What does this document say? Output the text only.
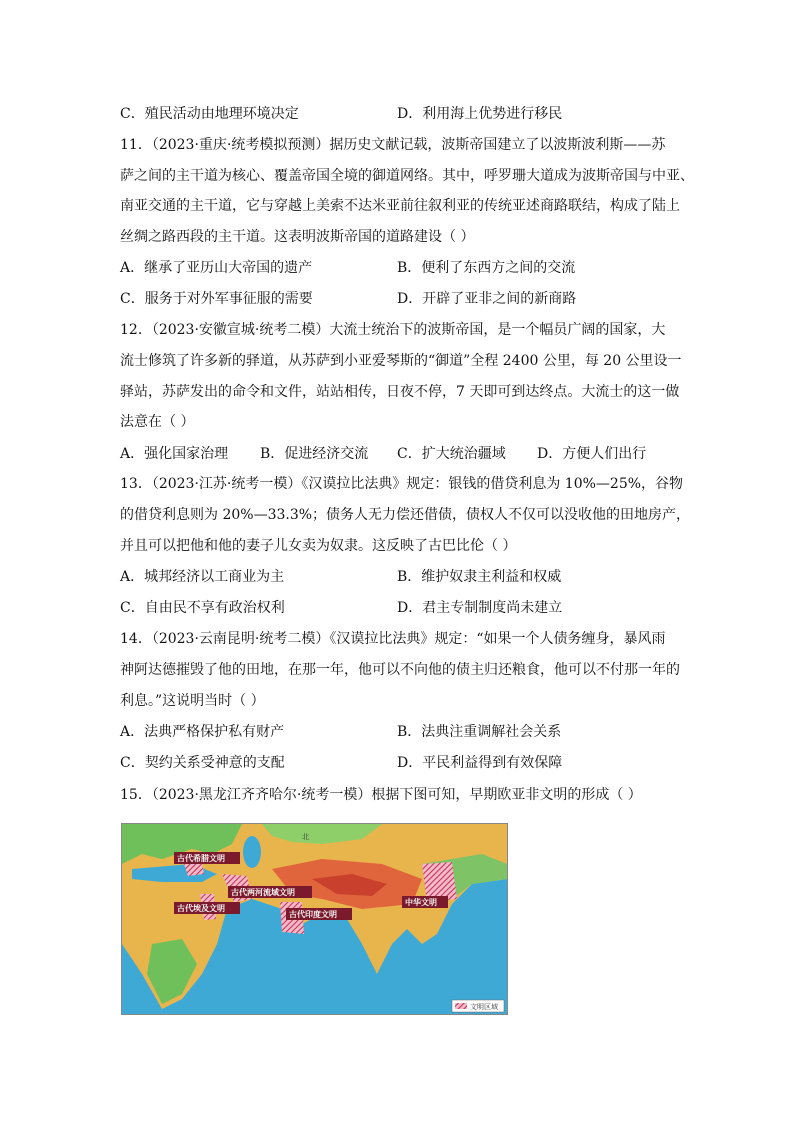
C．殖民活动由地理环境决定	D．利用海上优势进行移民
11．（2023·重庆·统考模拟预测）据历史文献记载，波斯帝国建立了以波斯波利斯——苏
萨之间的主干道为核心、覆盖帝国全境的御道网络。其中，呼罗珊大道成为波斯帝国与中亚、
南亚交通的主干道，它与穿越上美索不达米亚前往叙利亚的传统亚述商路联结，构成了陆上
丝绸之路西段的主干道。这表明波斯帝国的道路建设（ ）
A．继承了亚历山大帝国的遗产	B．便利了东西方之间的交流
C．服务于对外军事征服的需要	D．开辟了亚非之间的新商路
12．（2023·安徽宣城·统考二模）大流士统治下的波斯帝国，是一个幅员广阔的国家，大
流士修筑了许多新的驿道，从苏萨到小亚爱琴斯的“御道”全程 2400 公里，每 20 公里设一
驿站，苏萨发出的命令和文件，站站相传，日夜不停，7 天即可到达终点。大流士的这一做
法意在（ ）
A．强化国家治理 B．促进经济交流 C．扩大统治疆域 D．方便人们出行
13．（2023·江苏·统考一模）《汉谟拉比法典》规定：银钱的借贷利息为 10%—25%，谷物
的借贷利息则为 20%—33.3%；债务人无力偿还借债，债权人不仅可以没收他的田地房产，
并且可以把他和他的妻子儿女卖为奴隶。这反映了古巴比伦（ ）
A．城邦经济以工商业为主	B．维护奴隶主利益和权威
C．自由民不享有政治权利	D．君主专制制度尚未建立
14．（2023·云南昆明·统考二模）《汉谟拉比法典》规定：“如果一个人债务缠身，暴风雨
神阿达德摧毁了他的田地，在那一年，他可以不向他的债主归还粮食，他可以不付那一年的
利息。”这说明当时（ ）
A．法典严格保护私有财产	B．法典注重调解社会关系
C．契约关系受神意的支配	D．平民利益得到有效保障
15．（2023·黑龙江齐齐哈尔·统考一模）根据下图可知，早期欧亚非文明的形成（ ）
古代希腊文明
古代两河流域文明
古代埃及文明
古代印度文明
中华文明
北
文明区域
